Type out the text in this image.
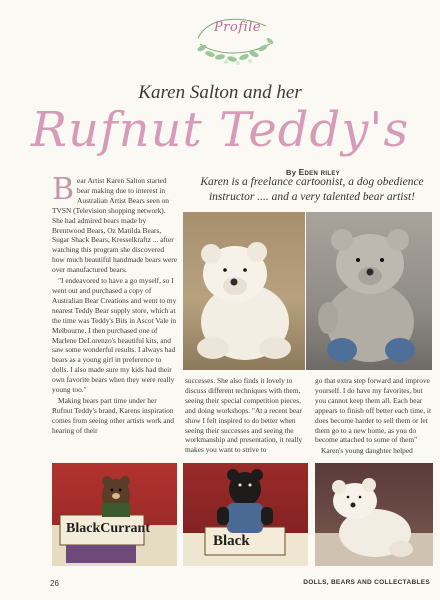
Profile
Karen Salton and her
Rufnut Teddy's
By Eden riley
Karen is a freelance cartoonist, a dog obedience instructor .... and a very talented bear artist!

Bear Artist Karen Salton started bear making due to interest in Australian Artist Bears seen on TVSN (Television shopping network). She had admired bears made by Brentwood Bears, Oz Matilda Bears, Sugar Shack Bears, Kresselkraftz ... after watching this program she discovered how much beautiful handmade bears were over manufactured bears.

"I endeavored to have a go myself, so I went out and purchased a copy of Australian Bear Creations and went to my nearest Teddy Bear supply store, which at the time was Teddy's Bits in Ascot Vale in Melbourne. I then purchased one of Marlene DeLorenzo's beautiful kits, and saw some wonderful results. I always had bears as a young girl in preference to dolls. I also made sure my kids had their own favorite bears when they were really young too."

Making bears part time under her Rufnut Teddy's brand, Karens inspiration comes from seeing other artists work and hearing of their

successes. She also finds it lovely to discuss different techniques with them, seeing their special competition pieces, and doing workshops. "At a recent bear show I felt inspired to do better when seeing their successes and seeing the workmanship and presentation, it really makes you want to strive to

go that extra step forward and improve yourself. I do have my favorites, but you cannot keep them all. Each bear appears to finish off better each time, it does become harder to sell them or let them go to a new home, as you do become attached to some of them"

Karen's young daughter helped

BlackCurrant
Black
26	DOLLS, BEARS AND COLLECTABLES
